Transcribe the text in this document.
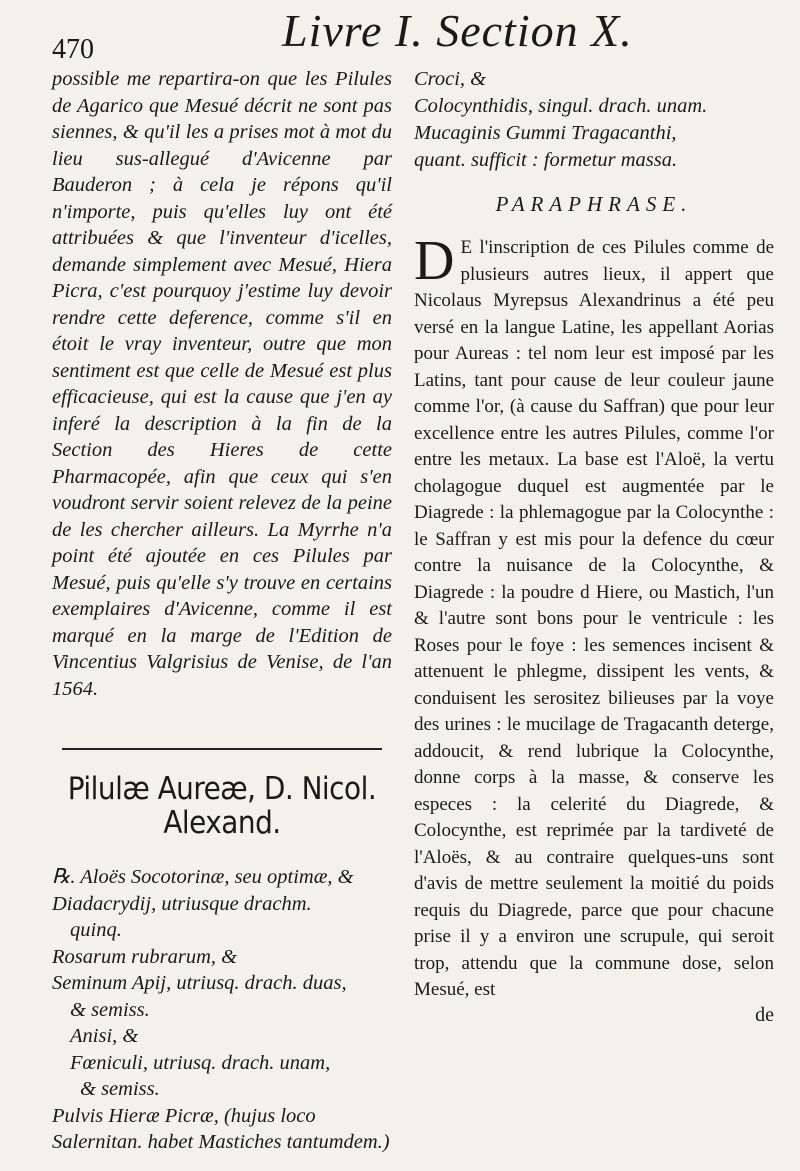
470	Livre I. Section X.

possible me repartira-on que les Pilules de Agarico que Mesué décrit ne sont pas siennes, & qu'il les a prises mot à mot du lieu sus-allegué d'Avicenne par Bauderon ; à cela je répons qu'il n'importe, puis qu'elles luy ont été attribuées & que l'inventeur d'icelles, demande simplement avec Mesué, Hiera Picra, c'est pourquoy j'estime luy devoir rendre cette deference, comme s'il en étoit le vray inventeur, outre que mon sentiment est que celle de Mesué est plus efficacieuse, qui est la cause que j'en ay inferé la description à la fin de la Section des Hieres de cette Pharmacopée, afin que ceux qui s'en voudront servir soient relevez de la peine de les chercher ailleurs. La Myrrhe n'a point été ajoutée en ces Pilules par Mesué, puis qu'elle s'y trouve en certains exemplaires d'Avicenne, comme il est marqué en la marge de l'Edition de Vincentius Valgrisius de Venise, de l'an 1564.

Pilulæ Aureæ, D. Nicol. Alexand.
℞. Aloës Socotorinæ, seu optimæ, &
Diadacrydij, utriusque drachm.
quinq.
Rosarum rubrarum, &
Seminum Apij, utriusq. drach. duas,
& semiss.
Anisi, &
Fœniculi, utriusq. drach. unam,
& semiss.
Pulvis Hieræ Picræ, (hujus loco Salernitan. habet Mastiches tantumdem.)
Croci, &
Colocynthidis, singul. drach. unam.
Mucaginis Gummi Tragacanthi,
quant. sufficit : formetur massa.
PARAPHRASE.

D E l'inscription de ces Pilules comme de plusieurs autres lieux, il appert que Nicolaus Myrepsus Alexandrinus a été peu versé en la langue Latine, les appellant Aorias pour Aureas : tel nom leur est imposé par les Latins, tant pour cause de leur couleur jaune comme l'or, (à cause du Saffran) que pour leur excellence entre les autres Pilules, comme l'or entre les metaux. La base est l'Aloë, la vertu cholagogue duquel est augmentée par le Diagrede : la phlemagogue par la Colocynthe : le Saffran y est mis pour la defence du cœur contre la nuisance de la Colocynthe, & Diagrede : la poudre d Hiere, ou Mastich, l'un & l'autre sont bons pour le ventricule : les Roses pour le foye : les semences incisent & attenuent le phlegme, dissipent les vents, & conduisent les serositez bilieuses par la voye des urines : le mucilage de Tragacanth deterge, addoucit, & rend lubrique la Colocynthe, donne corps à la masse, & conserve les especes : la celerité du Diagrede, & Colocynthe, est reprimée par la tardiveté de l'Aloës, & au contraire quelques-uns sont d'avis de mettre seulement la moitié du poids requis du Diagrede, parce que pour chacune prise il y a environ une scrupule, qui seroit trop, attendu que la commune dose, selon Mesué, est

de
